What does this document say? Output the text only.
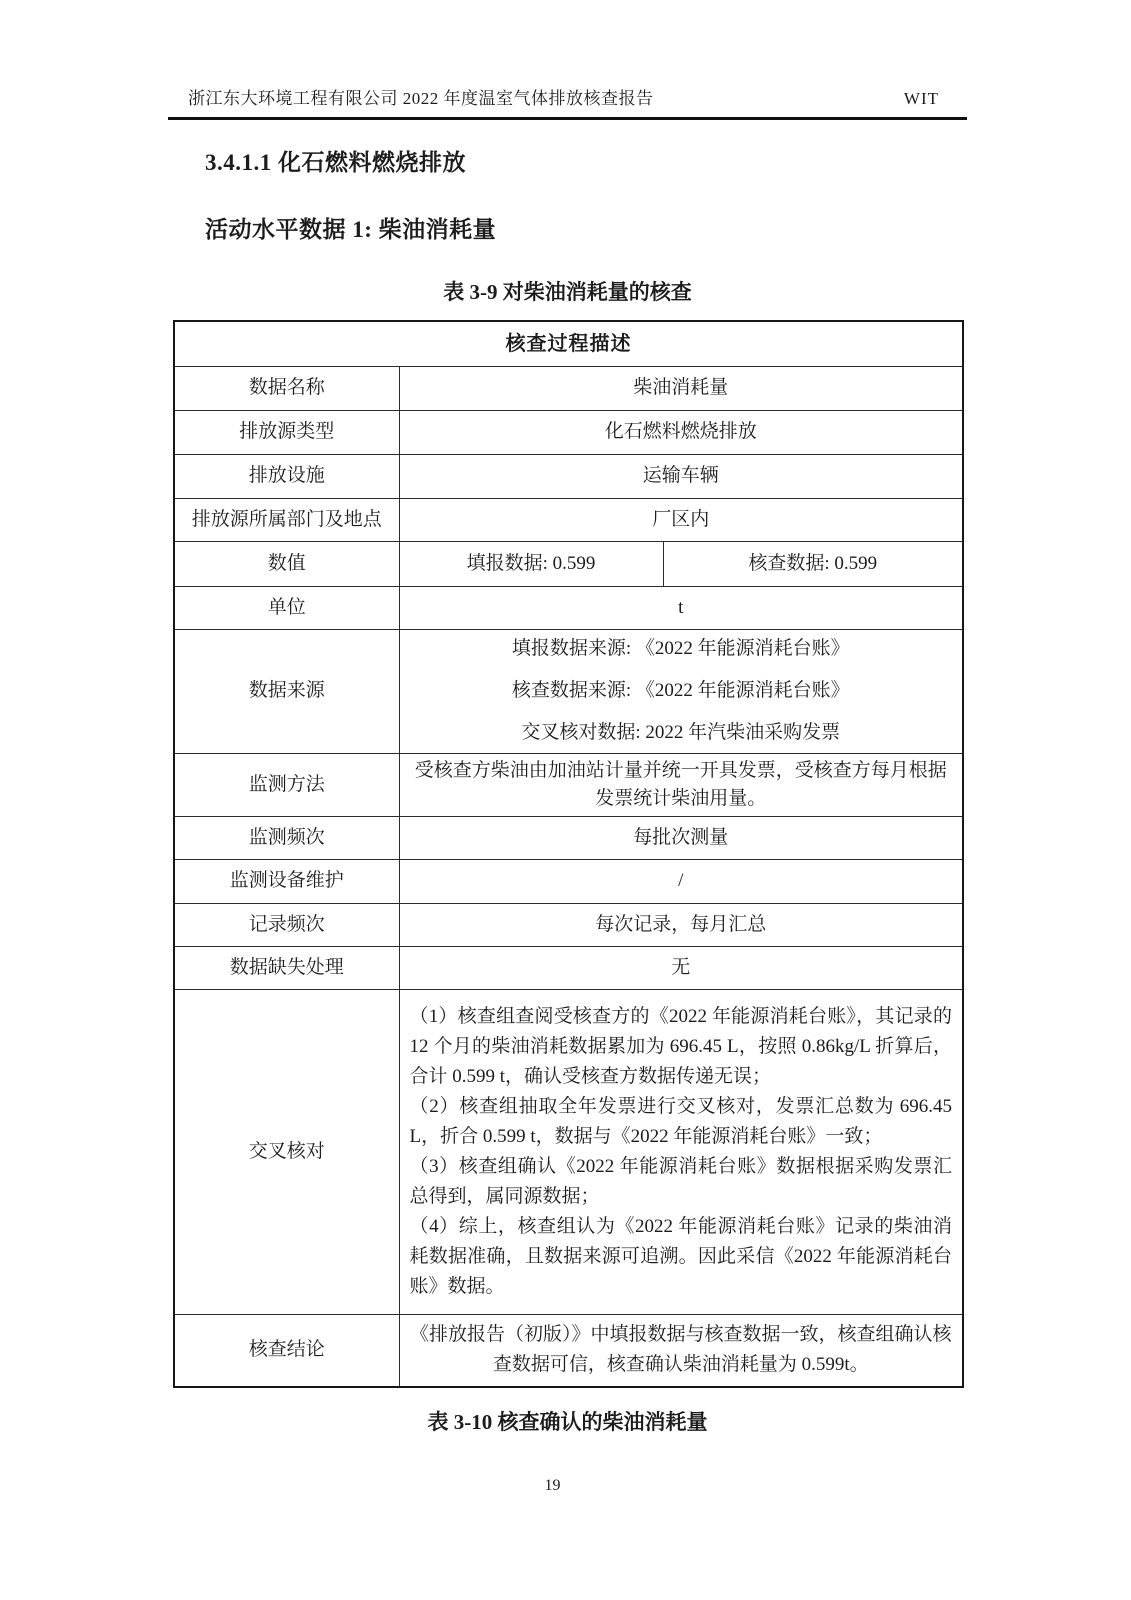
浙江东大环境工程有限公司 2022 年度温室气体排放核查报告	WIT
3.4.1.1 化石燃料燃烧排放
活动水平数据 1: 柴油消耗量
表 3-9 对柴油消耗量的核查
核查过程描述		
数据名称	柴油消耗量	
排放源类型	化石燃料燃烧排放	
排放设施	运输车辆	
排放源所属部门及地点	厂区内	
数值	填报数据: 0.599	核查数据: 0.599
单位	t	
数据来源	填报数据来源: 《2022 年能源消耗台账》

核查数据来源: 《2022 年能源消耗台账》

交叉核对数据: 2022 年汽柴油采购发票	

监测方法	受核查方柴油由加油站计量并统一开具发票，受核查方每月根据发票统计柴油用量。	
监测频次	每批次测量	
监测设备维护	/	
记录频次	每次记录，每月汇总	
数据缺失处理	无	
交叉核对	（1）核查组查阅受核查方的《2022 年能源消耗台账》，其记录的 12 个月的柴油消耗数据累加为 696.45 L，按照 0.86kg/L 折算后，合计 0.599 t，确认受核查方数据传递无误；

（2）核查组抽取全年发票进行交叉核对，发票汇总数为 696.45 L，折合 0.599 t，数据与《2022 年能源消耗台账》一致；

（3）核查组确认《2022 年能源消耗台账》数据根据采购发票汇总得到，属同源数据；

（4）综上，核查组认为《2022 年能源消耗台账》记录的柴油消耗数据准确，且数据来源可追溯。因此采信《2022 年能源消耗台账》数据。	

核查结论	《排放报告（初版）》中填报数据与核查数据一致，核查组确认核查数据可信，核查确认柴油消耗量为 0.599t。	

表 3-10 核查确认的柴油消耗量
19
